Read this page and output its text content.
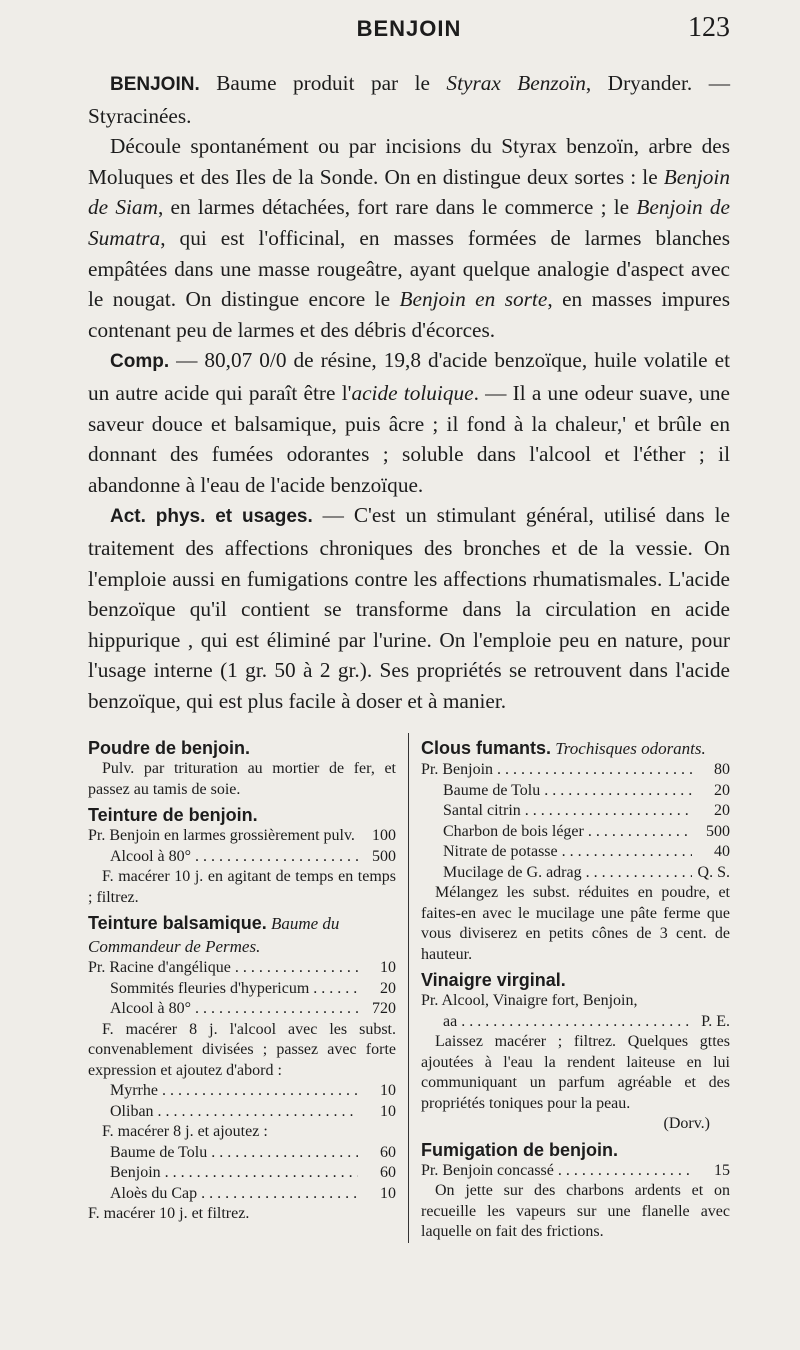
BENJOIN	123

BENJOIN. Baume produit par le Styrax Benzoïn, Dryander. — Styracinées.

Découle spontanément ou par incisions du Styrax benzoïn, arbre des Moluques et des Iles de la Sonde. On en distingue deux sortes : le Benjoin de Siam, en larmes détachées, fort rare dans le commerce ; le Benjoin de Sumatra, qui est l'officinal, en masses formées de larmes blanches empâtées dans une masse rougeâtre, ayant quelque analogie d'aspect avec le nougat. On distingue encore le Benjoin en sorte, en masses impures contenant peu de larmes et des débris d'écorces.

Comp. — 80,07 0/0 de résine, 19,8 d'acide benzoïque, huile volatile et un autre acide qui paraît être l'acide toluique. — Il a une odeur suave, une saveur douce et balsamique, puis âcre ; il fond à la chaleur,' et brûle en donnant des fumées odorantes ; soluble dans l'alcool et l'éther ; il abandonne à l'eau de l'acide benzoïque.

Act. phys. et usages. — C'est un stimulant général, utilisé dans le traitement des affections chroniques des bronches et de la vessie. On l'emploie aussi en fumigations contre les affections rhumatismales. L'acide benzoïque qu'il contient se transforme dans la circulation en acide hippurique , qui est éliminé par l'urine. On l'emploie peu en nature, pour l'usage interne (1 gr. 50 à 2 gr.). Ses propriétés se retrouvent dans l'acide benzoïque, qui est plus facile à doser et à manier.

Poudre de benjoin.

Pulv. par trituration au mortier de fer, et passez au tamis de soie.

Teinture de benjoin.
Pr. Benjoin en larmes grossièrement pulv. . . .	100
Alcool à 80° . . .	500

F. macérer 10 j. en agitant de temps en temps ; filtrez.

Teinture balsamique. Baume du Commandeur de Permes.
Pr. Racine d'angélique . . .	10
Sommités fleuries d'hypericum . . .	20
Alcool à 80° . . .	720

F. macérer 8 j. l'alcool avec les subst. convenablement divisées ; passez avec forte expression et ajoutez d'abord :

Myrrhe . . .	10
Oliban . . .	10

F. macérer 8 j. et ajoutez :

Baume de Tolu . . .	60
Benjoin . . .	60
Aloès du Cap . . .	10

F. macérer 10 j. et filtrez.

Clous fumants. Trochisques odorants.
Pr. Benjoin . . .	80
Baume de Tolu . . .	20
Santal citrin . . .	20
Charbon de bois léger . . .	500
Nitrate de potasse . . .	40
Mucilage de G. adrag . . .	Q. S.

Mélangez les subst. réduites en poudre, et faites-en avec le mucilage une pâte ferme que vous diviserez en petits cônes de 3 cent. de hauteur.

Vinaigre virginal.

Pr. Alcool, Vinaigre fort, Benjoin,

aa . . .	P. E.

Laissez macérer ; filtrez. Quelques gttes ajoutées à l'eau la rendent laiteuse en lui communiquant un parfum agréable et des propriétés toniques pour la peau.

(Dorv.)
Fumigation de benjoin.
Pr. Benjoin concassé . . .	15

On jette sur des charbons ardents et on recueille les vapeurs sur une flanelle avec laquelle on fait des frictions.
